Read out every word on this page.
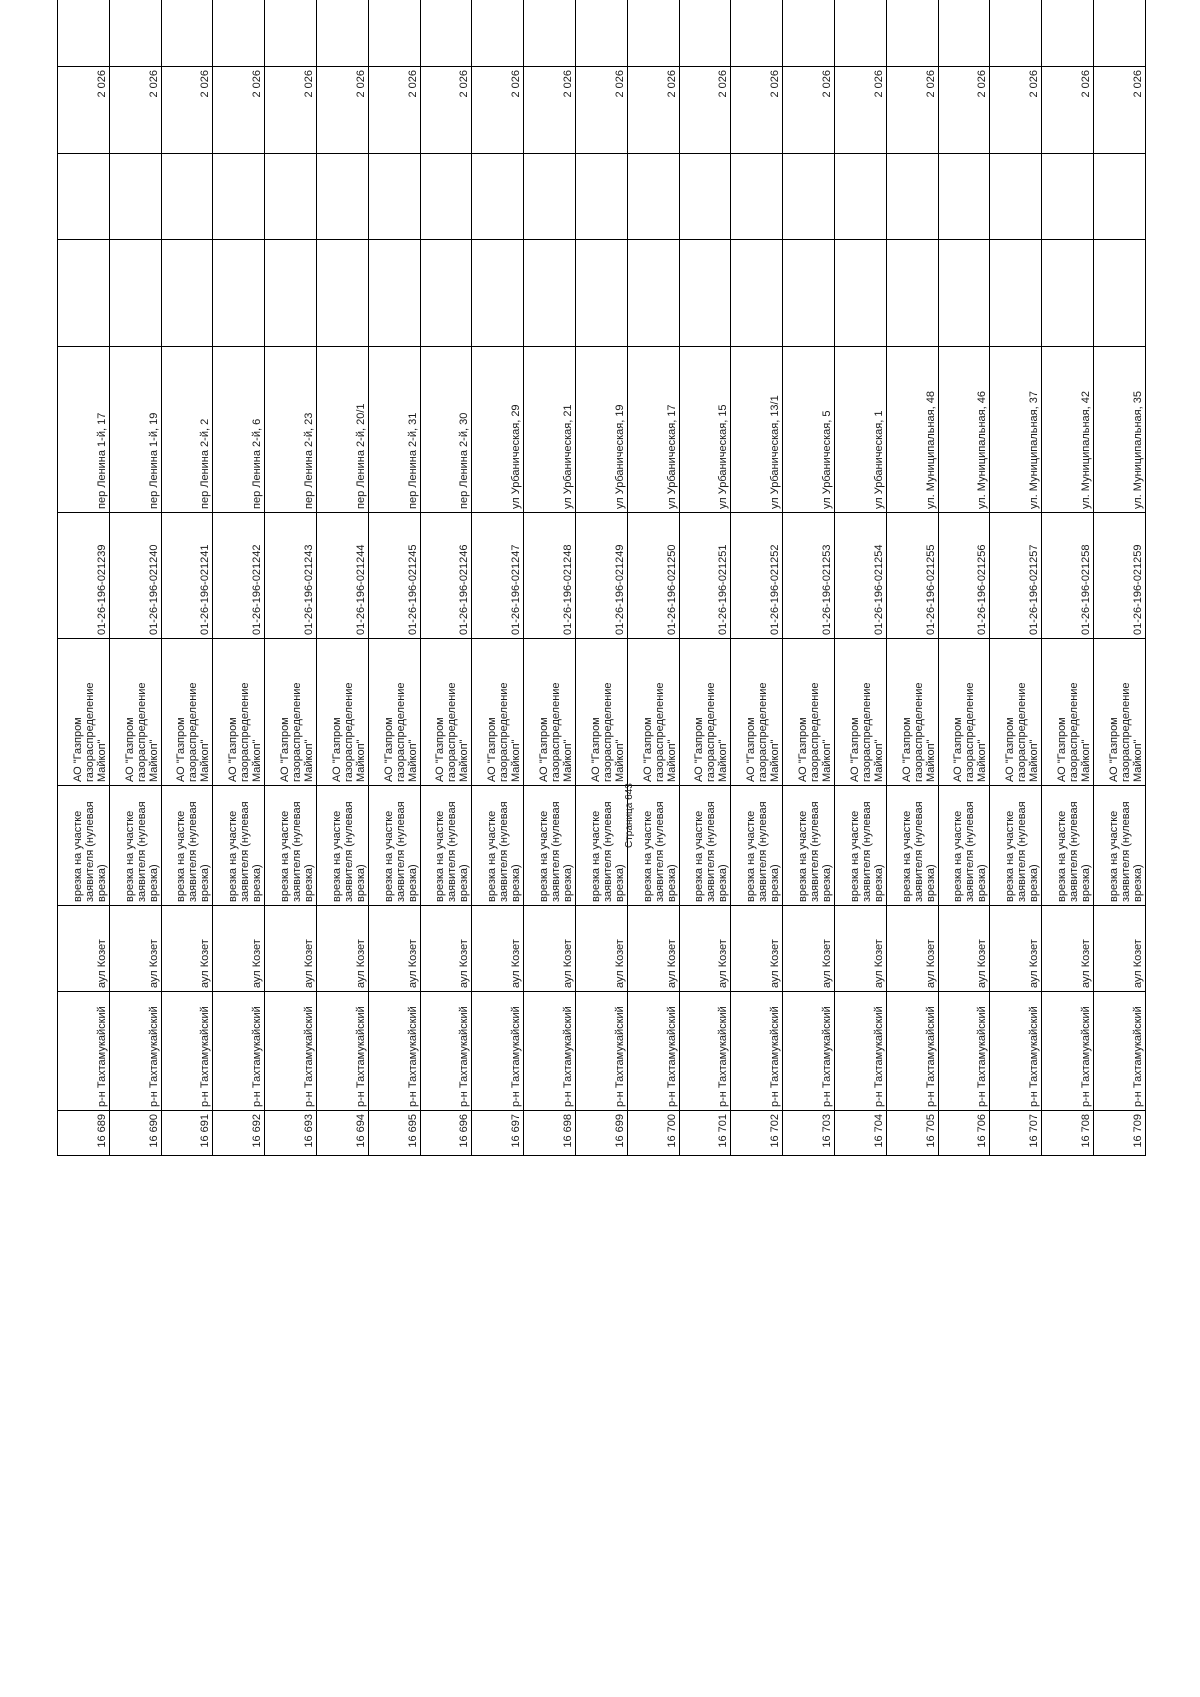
16 689	р-н Тахтамукайский	аул Козет	врезка на участке заявителя (нулевая врезка)	АО "Газпром газораспределение Майкоп"	01-26-196-021239	пер Ленина 1-й, 17			2 026	
16 690	р-н Тахтамукайский	аул Козет	врезка на участке заявителя (нулевая врезка)	АО "Газпром газораспределение Майкоп"	01-26-196-021240	пер Ленина 1-й, 19			2 026	
16 691	р-н Тахтамукайский	аул Козет	врезка на участке заявителя (нулевая врезка)	АО "Газпром газораспределение Майкоп"	01-26-196-021241	пер Ленина 2-й, 2			2 026	
16 692	р-н Тахтамукайский	аул Козет	врезка на участке заявителя (нулевая врезка)	АО "Газпром газораспределение Майкоп"	01-26-196-021242	пер Ленина 2-й, 6			2 026	
16 693	р-н Тахтамукайский	аул Козет	врезка на участке заявителя (нулевая врезка)	АО "Газпром газораспределение Майкоп"	01-26-196-021243	пер Ленина 2-й, 23			2 026	
16 694	р-н Тахтамукайский	аул Козет	врезка на участке заявителя (нулевая врезка)	АО "Газпром газораспределение Майкоп"	01-26-196-021244	пер Ленина 2-й, 20/1			2 026	
16 695	р-н Тахтамукайский	аул Козет	врезка на участке заявителя (нулевая врезка)	АО "Газпром газораспределение Майкоп"	01-26-196-021245	пер Ленина 2-й, 31			2 026	
16 696	р-н Тахтамукайский	аул Козет	врезка на участке заявителя (нулевая врезка)	АО "Газпром газораспределение Майкоп"	01-26-196-021246	пер Ленина 2-й, 30			2 026	
16 697	р-н Тахтамукайский	аул Козет	врезка на участке заявителя (нулевая врезка)	АО "Газпром газораспределение Майкоп"	01-26-196-021247	ул Урбаническая, 29			2 026	
16 698	р-н Тахтамукайский	аул Козет	врезка на участке заявителя (нулевая врезка)	АО "Газпром газораспределение Майкоп"	01-26-196-021248	ул Урбаническая, 21			2 026	
16 699	р-н Тахтамукайский	аул Козет	врезка на участке заявителя (нулевая врезка)	АО "Газпром газораспределение Майкоп"	01-26-196-021249	ул Урбаническая, 19			2 026	
16 700	р-н Тахтамукайский	аул Козет	врезка на участке заявителя (нулевая врезка)	АО "Газпром газораспределение Майкоп"	01-26-196-021250	ул Урбаническая, 17			2 026	
16 701	р-н Тахтамукайский	аул Козет	врезка на участке заявителя (нулевая врезка)	АО "Газпром газораспределение Майкоп"	01-26-196-021251	ул Урбаническая, 15			2 026	
16 702	р-н Тахтамукайский	аул Козет	врезка на участке заявителя (нулевая врезка)	АО "Газпром газораспределение Майкоп"	01-26-196-021252	ул Урбаническая, 13/1			2 026	
16 703	р-н Тахтамукайский	аул Козет	врезка на участке заявителя (нулевая врезка)	АО "Газпром газораспределение Майкоп"	01-26-196-021253	ул Урбаническая, 5			2 026	
16 704	р-н Тахтамукайский	аул Козет	врезка на участке заявителя (нулевая врезка)	АО "Газпром газораспределение Майкоп"	01-26-196-021254	ул Урбаническая, 1			2 026	
16 705	р-н Тахтамукайский	аул Козет	врезка на участке заявителя (нулевая врезка)	АО "Газпром газораспределение Майкоп"	01-26-196-021255	ул. Муниципальная, 48			2 026	
16 706	р-н Тахтамукайский	аул Козет	врезка на участке заявителя (нулевая врезка)	АО "Газпром газораспределение Майкоп"	01-26-196-021256	ул. Муниципальная, 46			2 026	
16 707	р-н Тахтамукайский	аул Козет	врезка на участке заявителя (нулевая врезка)	АО "Газпром газораспределение Майкоп"	01-26-196-021257	ул. Муниципальная, 37			2 026	
16 708	р-н Тахтамукайский	аул Козет	врезка на участке заявителя (нулевая врезка)	АО "Газпром газораспределение Майкоп"	01-26-196-021258	ул. Муниципальная, 42			2 026	
16 709	р-н Тахтамукайский	аул Козет	врезка на участке заявителя (нулевая врезка)	АО "Газпром газораспределение Майкоп"	01-26-196-021259	ул. Муниципальная, 35			2 026	
Страница 643
